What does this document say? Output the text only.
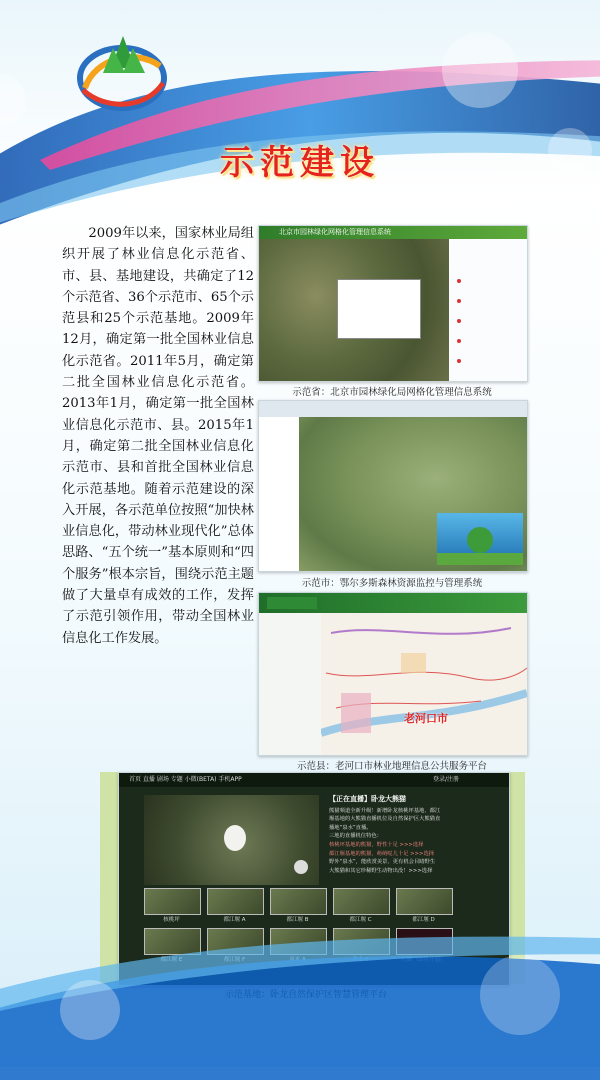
示范建设
2009年以来，国家林业局组织开展了林业信息化示范省、市、县、基地建设，共确定了12个示范省、36个示范市、65个示范县和25个示范基地。2009年12月，确定第一批全国林业信息化示范省。2011年5月，确定第二批全国林业信息化示范省。2013年1月，确定第一批全国林业信息化示范市、县。2015年1月，确定第二批全国林业信息化示范市、县和首批全国林业信息化示范基地。随着示范建设的深入开展，各示范单位按照“加快林业信息化，带动林业现代化”总体思路、“五个统一”基本原则和“四个服务”根本宗旨，围绕示范主题做了大量卓有成效的工作，发挥了示范引领作用，带动全国林业信息化工作发展。
北京市园林绿化网格化管理信息系统
示范省：北京市园林绿化局网格化管理信息系统
示范市：鄂尔多斯森林资源监控与管理系统
老河口市
示范县：老河口市林业地理信息公共服务平台
首页 直播 剧场 专题 小微(BETA) 手机APP	登录/注册
【正在直播】卧龙大熊猫
熊猫频道全新升级！新增卧龙核桃坪基地、都江
堰基地的大熊猫直播机位及自然保护区大熊猫直
播地“泉水”直播。
三地的直播机位特色：
核桃坪基地的熊猫，野性十足 >>>选择
都江堰基地的熊猫，萌萌哒儿十足 >>>选择
野外“泉水”，能欣赏美景、更有机会目睹野生
大熊猫和其它珍稀野生动物出没！>>>选择
核桃坪	都江堰 A	都江堰 B	都江堰 C	都江堰 D
